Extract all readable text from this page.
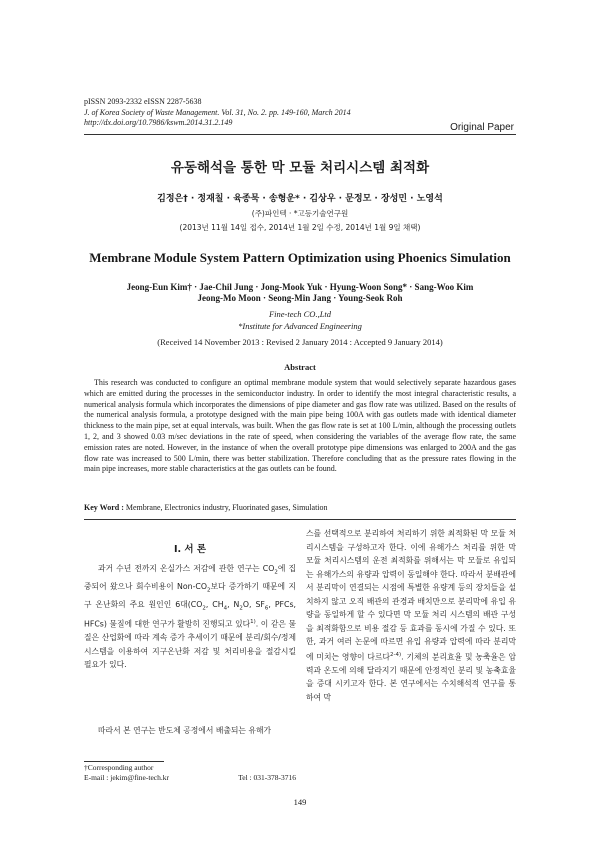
pISSN 2093-2332 eISSN 2287-5638
J. of Korea Society of Waste Management. Vol. 31, No. 2. pp. 149-160, March 2014
http://dx.doi.org/10.7986/kswm.2014.31.2.149	Original Paper
유동해석을 통한 막 모듈 처리시스템 최적화
김정은† · 정재칠 · 육종묵 · 송형운* · 김상우 · 문정모 · 장성민 · 노영석
(주)파인텍 · *고등기술연구원
(2013년 11월 14일 접수, 2014년 1월 2일 수정, 2014년 1월 9일 채택)
Membrane Module System Pattern Optimization using Phoenics Simulation
Jeong-Eun Kim† · Jae-Chil Jung · Jong-Mook Yuk · Hyung-Woon Song* · Sang-Woo Kim
Jeong-Mo Moon · Seong-Min Jang · Young-Seok Roh
Fine-tech CO.,Ltd
*Institute for Advanced Engineering
(Received 14 November 2013 : Revised 2 January 2014 : Accepted 9 January 2014)
Abstract
This research was conducted to configure an optimal membrane module system that would selectively separate hazardous gases which are emitted during the processes in the semiconductor industry. In order to identify the most integral characteristic results, a numerical analysis formula which incorporates the dimensions of pipe diameter and gas flow rate was utilized. Based on the results of the numerical analysis formula, a prototype designed with the main pipe being 100A with gas outlets made with identical diameter thickness to the main pipe, set at equal intervals, was built. When the gas flow rate is set at 100 L/min, although the processing outlets 1, 2, and 3 showed 0.03 m/sec deviations in the rate of speed, when considering the variables of the average flow rate, the same emission rates are noted. However, in the instance of when the overall prototype pipe dimensions was enlarged to 200A and the gas flow rate was increased to 500 L/min, there was better stabilization. Therefore concluding that as the pressure rates flowing in the main pipe increases, more stable characteristics at the gas outlets can be found.
Key Word : Membrane, Electronics industry, Fluorinated gases, Simulation
I. 서 론
과거 수년 전까지 온실가스 저감에 관한 연구는 $CO_2$에 집중되어 왔으나 회수비용이 Non-$CO_2$보다 증가하기 때문에 지구 온난화의 주요 원인인 6대($CO_2$, $CH_4$, $N_2O$, $SF_6$, PFCs, HFCs) 물질에 대한 연구가 활발히 진행되고 있다$^{1)}$. 이 같은 물질은 산업화에 따라 계속 증가 추세이기 때문에 분리/회수/정제 시스템을 이용하여 지구온난화 저감 및 처리비용을 절감시킬 필요가 있다.
따라서 본 연구는 반도체 공정에서 배출되는 유해가
†Corresponding author
E-mail : jekim@fine-tech.kr	Tel : 031-378-3716
스를 선택적으로 분리하여 처리하기 위한 최적화된 막 모듈 처리시스템을 구성하고자 한다. 이에 유해가스 처리를 위한 막 모듈 처리시스템의 운전 최적화를 위해서는 막 모듈로 유입되는 유해가스의 유량과 압력이 동일해야 한다. 따라서 분배관에서 분리막이 연결되는 시점에 특별한 유량계 등의 장치들을 설치하지 않고 오직 배관의 관경과 배치만으로 분리막에 유입 유량을 동일하게 할 수 있다면 막 모듈 처리 시스템의 배관 구성을 최적화함으로 비용 절감 등 효과를 동시에 가질 수 있다. 또한, 과거 여러 논문에 따르면 유입 유량과 압력에 따라 분리막에 미치는 영향이 다르다$^{2-4)}$. 기체의 분리효율 및 농축율은 압력과 온도에 의해 달라지기 때문에 안정적인 분리 및 농축효율을 증대 시키고자 한다. 본 연구에서는 수치해석적 연구를 통하여 막
149
